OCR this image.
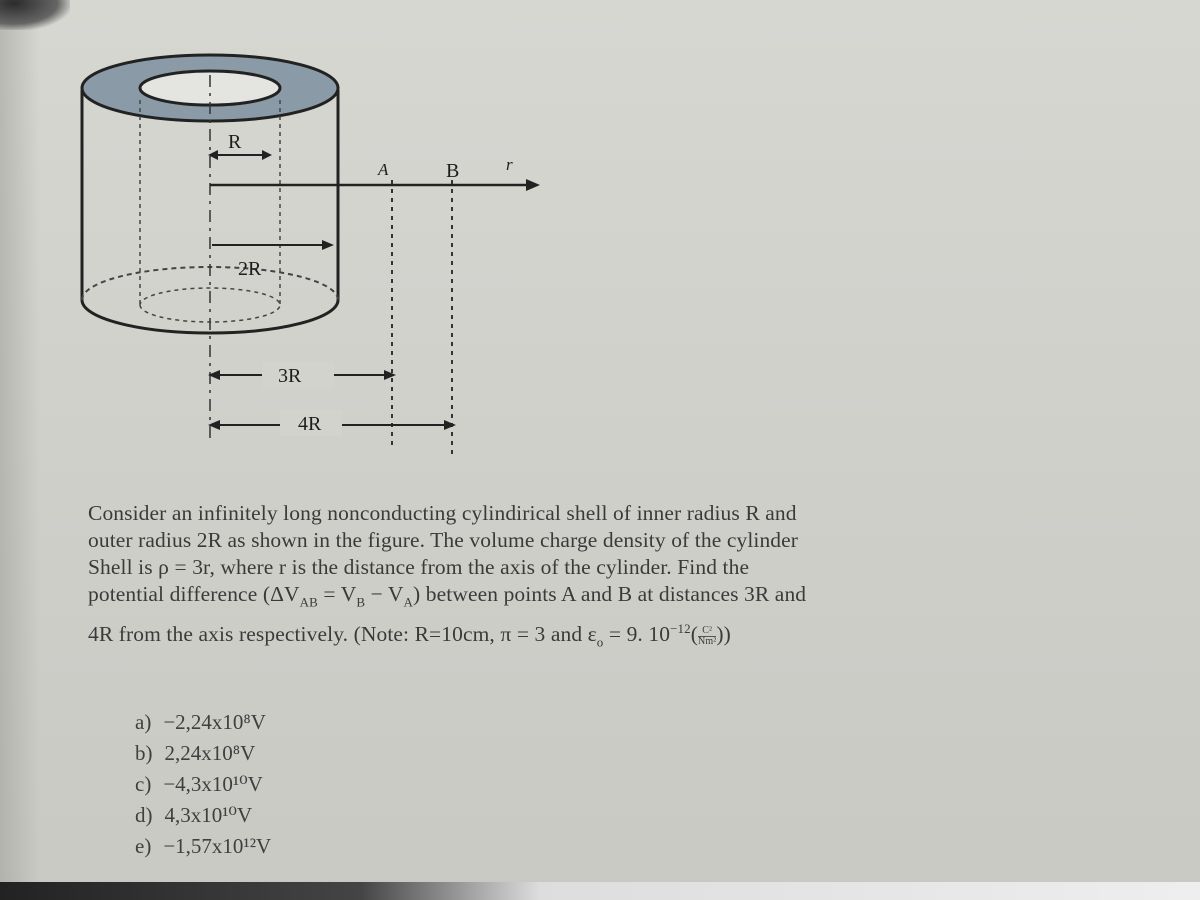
R
A	B	r
2R
3R
4R
Consider an infinitely long nonconducting cylindirical shell of inner radius R and
outer radius 2R as shown in the figure. The volume charge density of the cylinder
Shell is ρ = 3r, where r is the distance from the axis of the cylinder. Find the
potential difference $(\Delta V_{AB} = V_B - V_A)$ between points A and B at distances 3R and
4R from the axis respectively. (Note: R=10cm, π = 3 and $\varepsilon_o = 9$. $10^{-12}( \frac{\text{C²}}{\text{Nm²}}$ ))
a) −2,24x10⁸V
b) 2,24x10⁸V
c) −4,3x10¹⁰V
d) 4,3x10¹⁰V
e) −1,57x10¹²V
